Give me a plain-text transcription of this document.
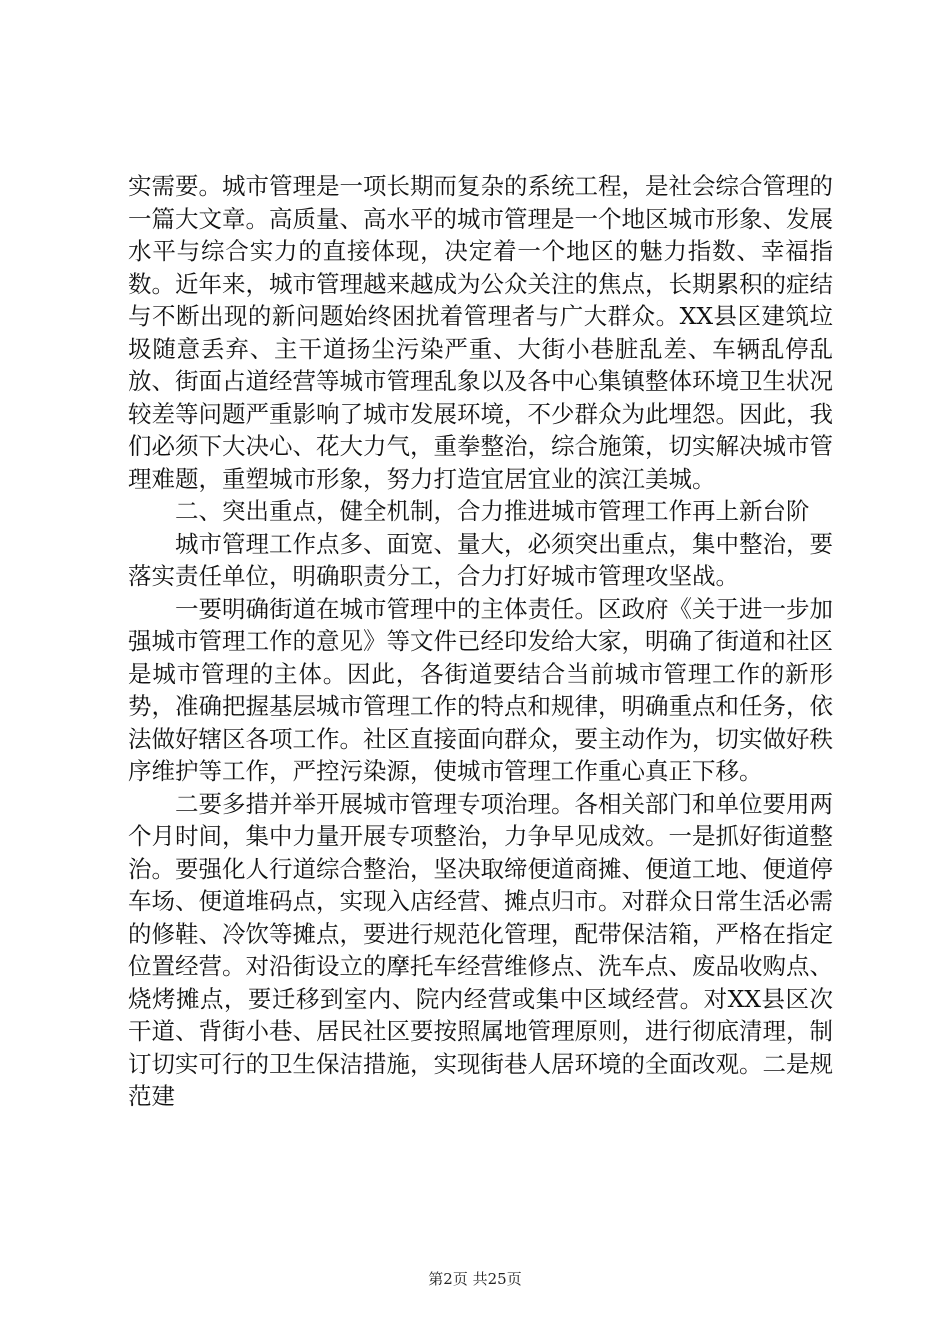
实需要。城市管理是一项长期而复杂的系统工程，是社会综合管理的一篇大文章。高质量、高水平的城市管理是一个地区城市形象、发展水平与综合实力的直接体现，决定着一个地区的魅力指数、幸福指数。近年来，城市管理越来越成为公众关注的焦点，长期累积的症结与不断出现的新问题始终困扰着管理者与广大群众。XX县区建筑垃圾随意丢弃、主干道扬尘污染严重、大街小巷脏乱差、车辆乱停乱放、街面占道经营等城市管理乱象以及各中心集镇整体环境卫生状况较差等问题严重影响了城市发展环境，不少群众为此埋怨。因此，我们必须下大决心、花大力气，重拳整治，综合施策，切实解决城市管理难题，重塑城市形象，努力打造宜居宜业的滨江美城。

二、突出重点，健全机制，合力推进城市管理工作再上新台阶

城市管理工作点多、面宽、量大，必须突出重点，集中整治，要落实责任单位，明确职责分工，合力打好城市管理攻坚战。

一要明确街道在城市管理中的主体责任。区政府《关于进一步加强城市管理工作的意见》等文件已经印发给大家，明确了街道和社区是城市管理的主体。因此，各街道要结合当前城市管理工作的新形势，准确把握基层城市管理工作的特点和规律，明确重点和任务，依法做好辖区各项工作。社区直接面向群众，要主动作为，切实做好秩序维护等工作，严控污染源，使城市管理工作重心真正下移。

二要多措并举开展城市管理专项治理。各相关部门和单位要用两个月时间，集中力量开展专项整治，力争早见成效。一是抓好街道整治。要强化人行道综合整治，坚决取缔便道商摊、便道工地、便道停车场、便道堆码点，实现入店经营、摊点归市。对群众日常生活必需的修鞋、冷饮等摊点，要进行规范化管理，配带保洁箱，严格在指定位置经营。对沿街设立的摩托车经营维修点、洗车点、废品收购点、烧烤摊点，要迁移到室内、院内经营或集中区域经营。对XX县区次干道、背街小巷、居民社区要按照属地管理原则，进行彻底清理，制订切实可行的卫生保洁措施，实现街巷人居环境的全面改观。二是规范建

第2页 共25页
